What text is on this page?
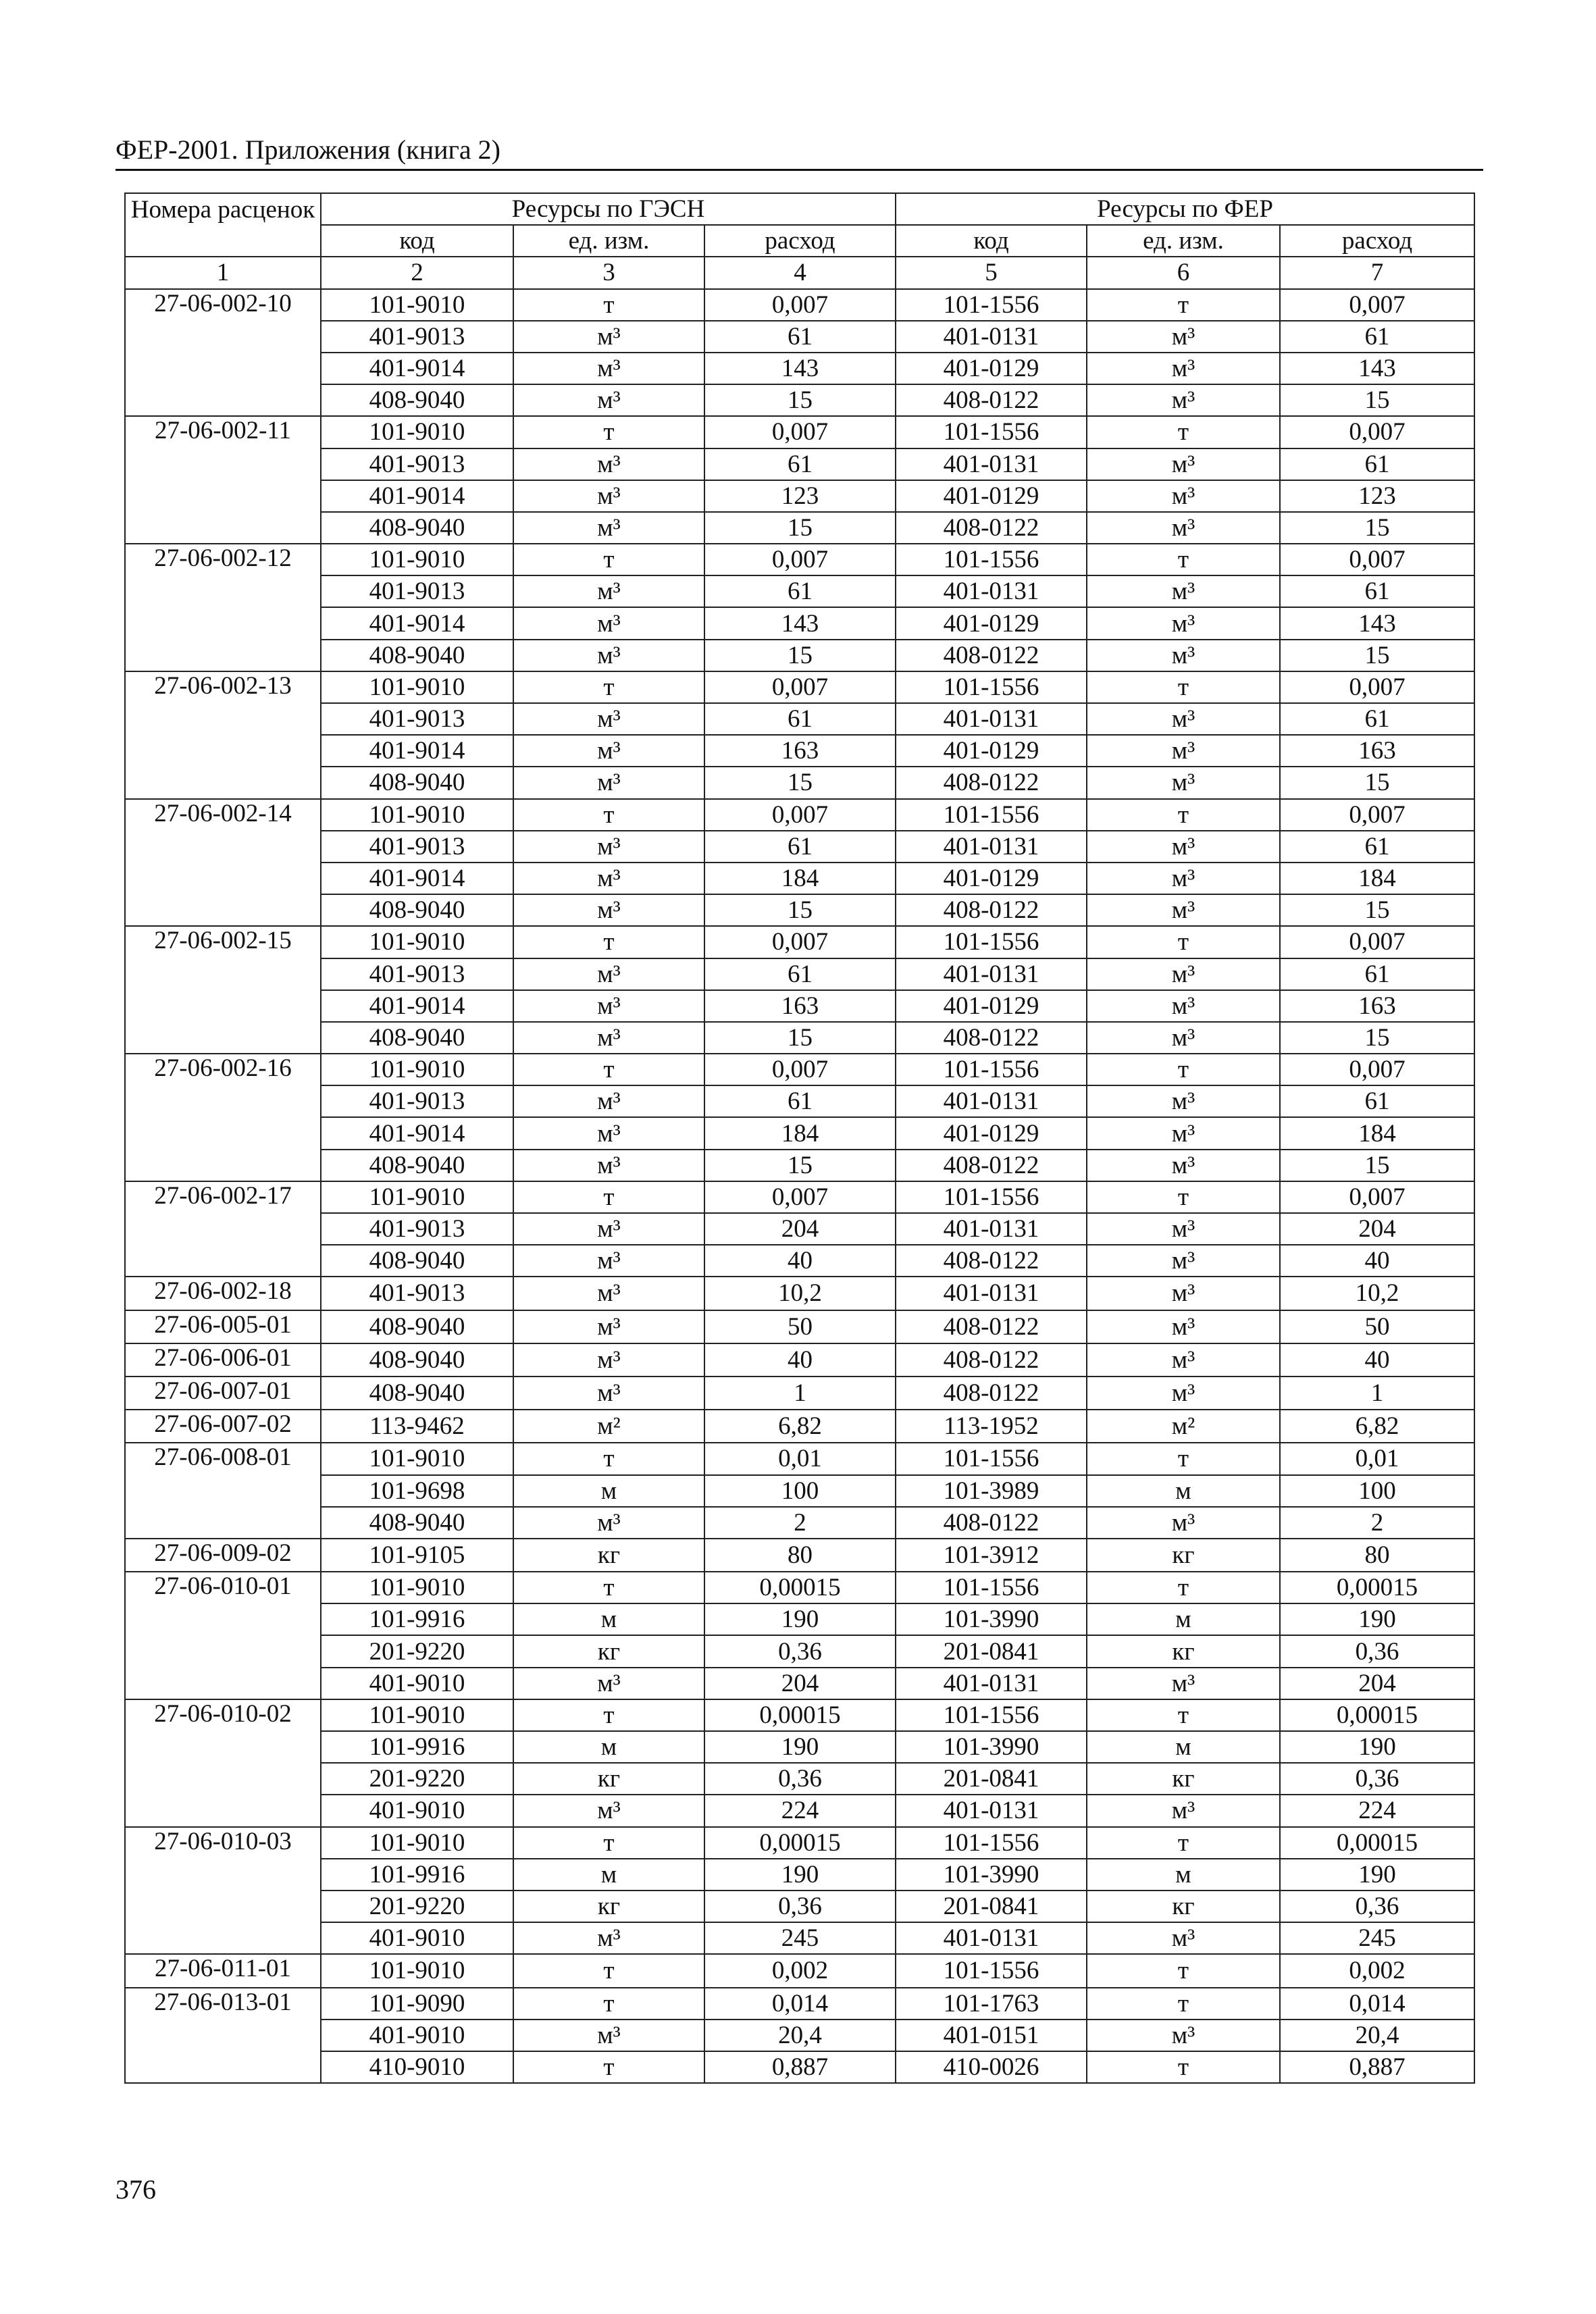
ФЕР-2001. Приложения (книга 2)
Номера расценок	Ресурсы по ГЭСН			Ресурсы по ФЕР		
	код	ед. изм.	расход	код	ед. изм.	расход
1	2	3	4	5	6	7
27-06-002-10	101-9010	т	0,007	101-1556	т	0,007
	401-9013	м³	61	401-0131	м³	61
	401-9014	м³	143	401-0129	м³	143
	408-9040	м³	15	408-0122	м³	15
27-06-002-11	101-9010	т	0,007	101-1556	т	0,007
	401-9013	м³	61	401-0131	м³	61
	401-9014	м³	123	401-0129	м³	123
	408-9040	м³	15	408-0122	м³	15
27-06-002-12	101-9010	т	0,007	101-1556	т	0,007
	401-9013	м³	61	401-0131	м³	61
	401-9014	м³	143	401-0129	м³	143
	408-9040	м³	15	408-0122	м³	15
27-06-002-13	101-9010	т	0,007	101-1556	т	0,007
	401-9013	м³	61	401-0131	м³	61
	401-9014	м³	163	401-0129	м³	163
	408-9040	м³	15	408-0122	м³	15
27-06-002-14	101-9010	т	0,007	101-1556	т	0,007
	401-9013	м³	61	401-0131	м³	61
	401-9014	м³	184	401-0129	м³	184
	408-9040	м³	15	408-0122	м³	15
27-06-002-15	101-9010	т	0,007	101-1556	т	0,007
	401-9013	м³	61	401-0131	м³	61
	401-9014	м³	163	401-0129	м³	163
	408-9040	м³	15	408-0122	м³	15
27-06-002-16	101-9010	т	0,007	101-1556	т	0,007
	401-9013	м³	61	401-0131	м³	61
	401-9014	м³	184	401-0129	м³	184
	408-9040	м³	15	408-0122	м³	15
27-06-002-17	101-9010	т	0,007	101-1556	т	0,007
	401-9013	м³	204	401-0131	м³	204
	408-9040	м³	40	408-0122	м³	40
27-06-002-18	401-9013	м³	10,2	401-0131	м³	10,2
27-06-005-01	408-9040	м³	50	408-0122	м³	50
27-06-006-01	408-9040	м³	40	408-0122	м³	40
27-06-007-01	408-9040	м³	1	408-0122	м³	1
27-06-007-02	113-9462	м²	6,82	113-1952	м²	6,82
27-06-008-01	101-9010	т	0,01	101-1556	т	0,01
	101-9698	м	100	101-3989	м	100
	408-9040	м³	2	408-0122	м³	2
27-06-009-02	101-9105	кг	80	101-3912	кг	80
27-06-010-01	101-9010	т	0,00015	101-1556	т	0,00015
	101-9916	м	190	101-3990	м	190
	201-9220	кг	0,36	201-0841	кг	0,36
	401-9010	м³	204	401-0131	м³	204
27-06-010-02	101-9010	т	0,00015	101-1556	т	0,00015
	101-9916	м	190	101-3990	м	190
	201-9220	кг	0,36	201-0841	кг	0,36
	401-9010	м³	224	401-0131	м³	224
27-06-010-03	101-9010	т	0,00015	101-1556	т	0,00015
	101-9916	м	190	101-3990	м	190
	201-9220	кг	0,36	201-0841	кг	0,36
	401-9010	м³	245	401-0131	м³	245
27-06-011-01	101-9010	т	0,002	101-1556	т	0,002
27-06-013-01	101-9090	т	0,014	101-1763	т	0,014
	401-9010	м³	20,4	401-0151	м³	20,4
	410-9010	т	0,887	410-0026	т	0,887
376
